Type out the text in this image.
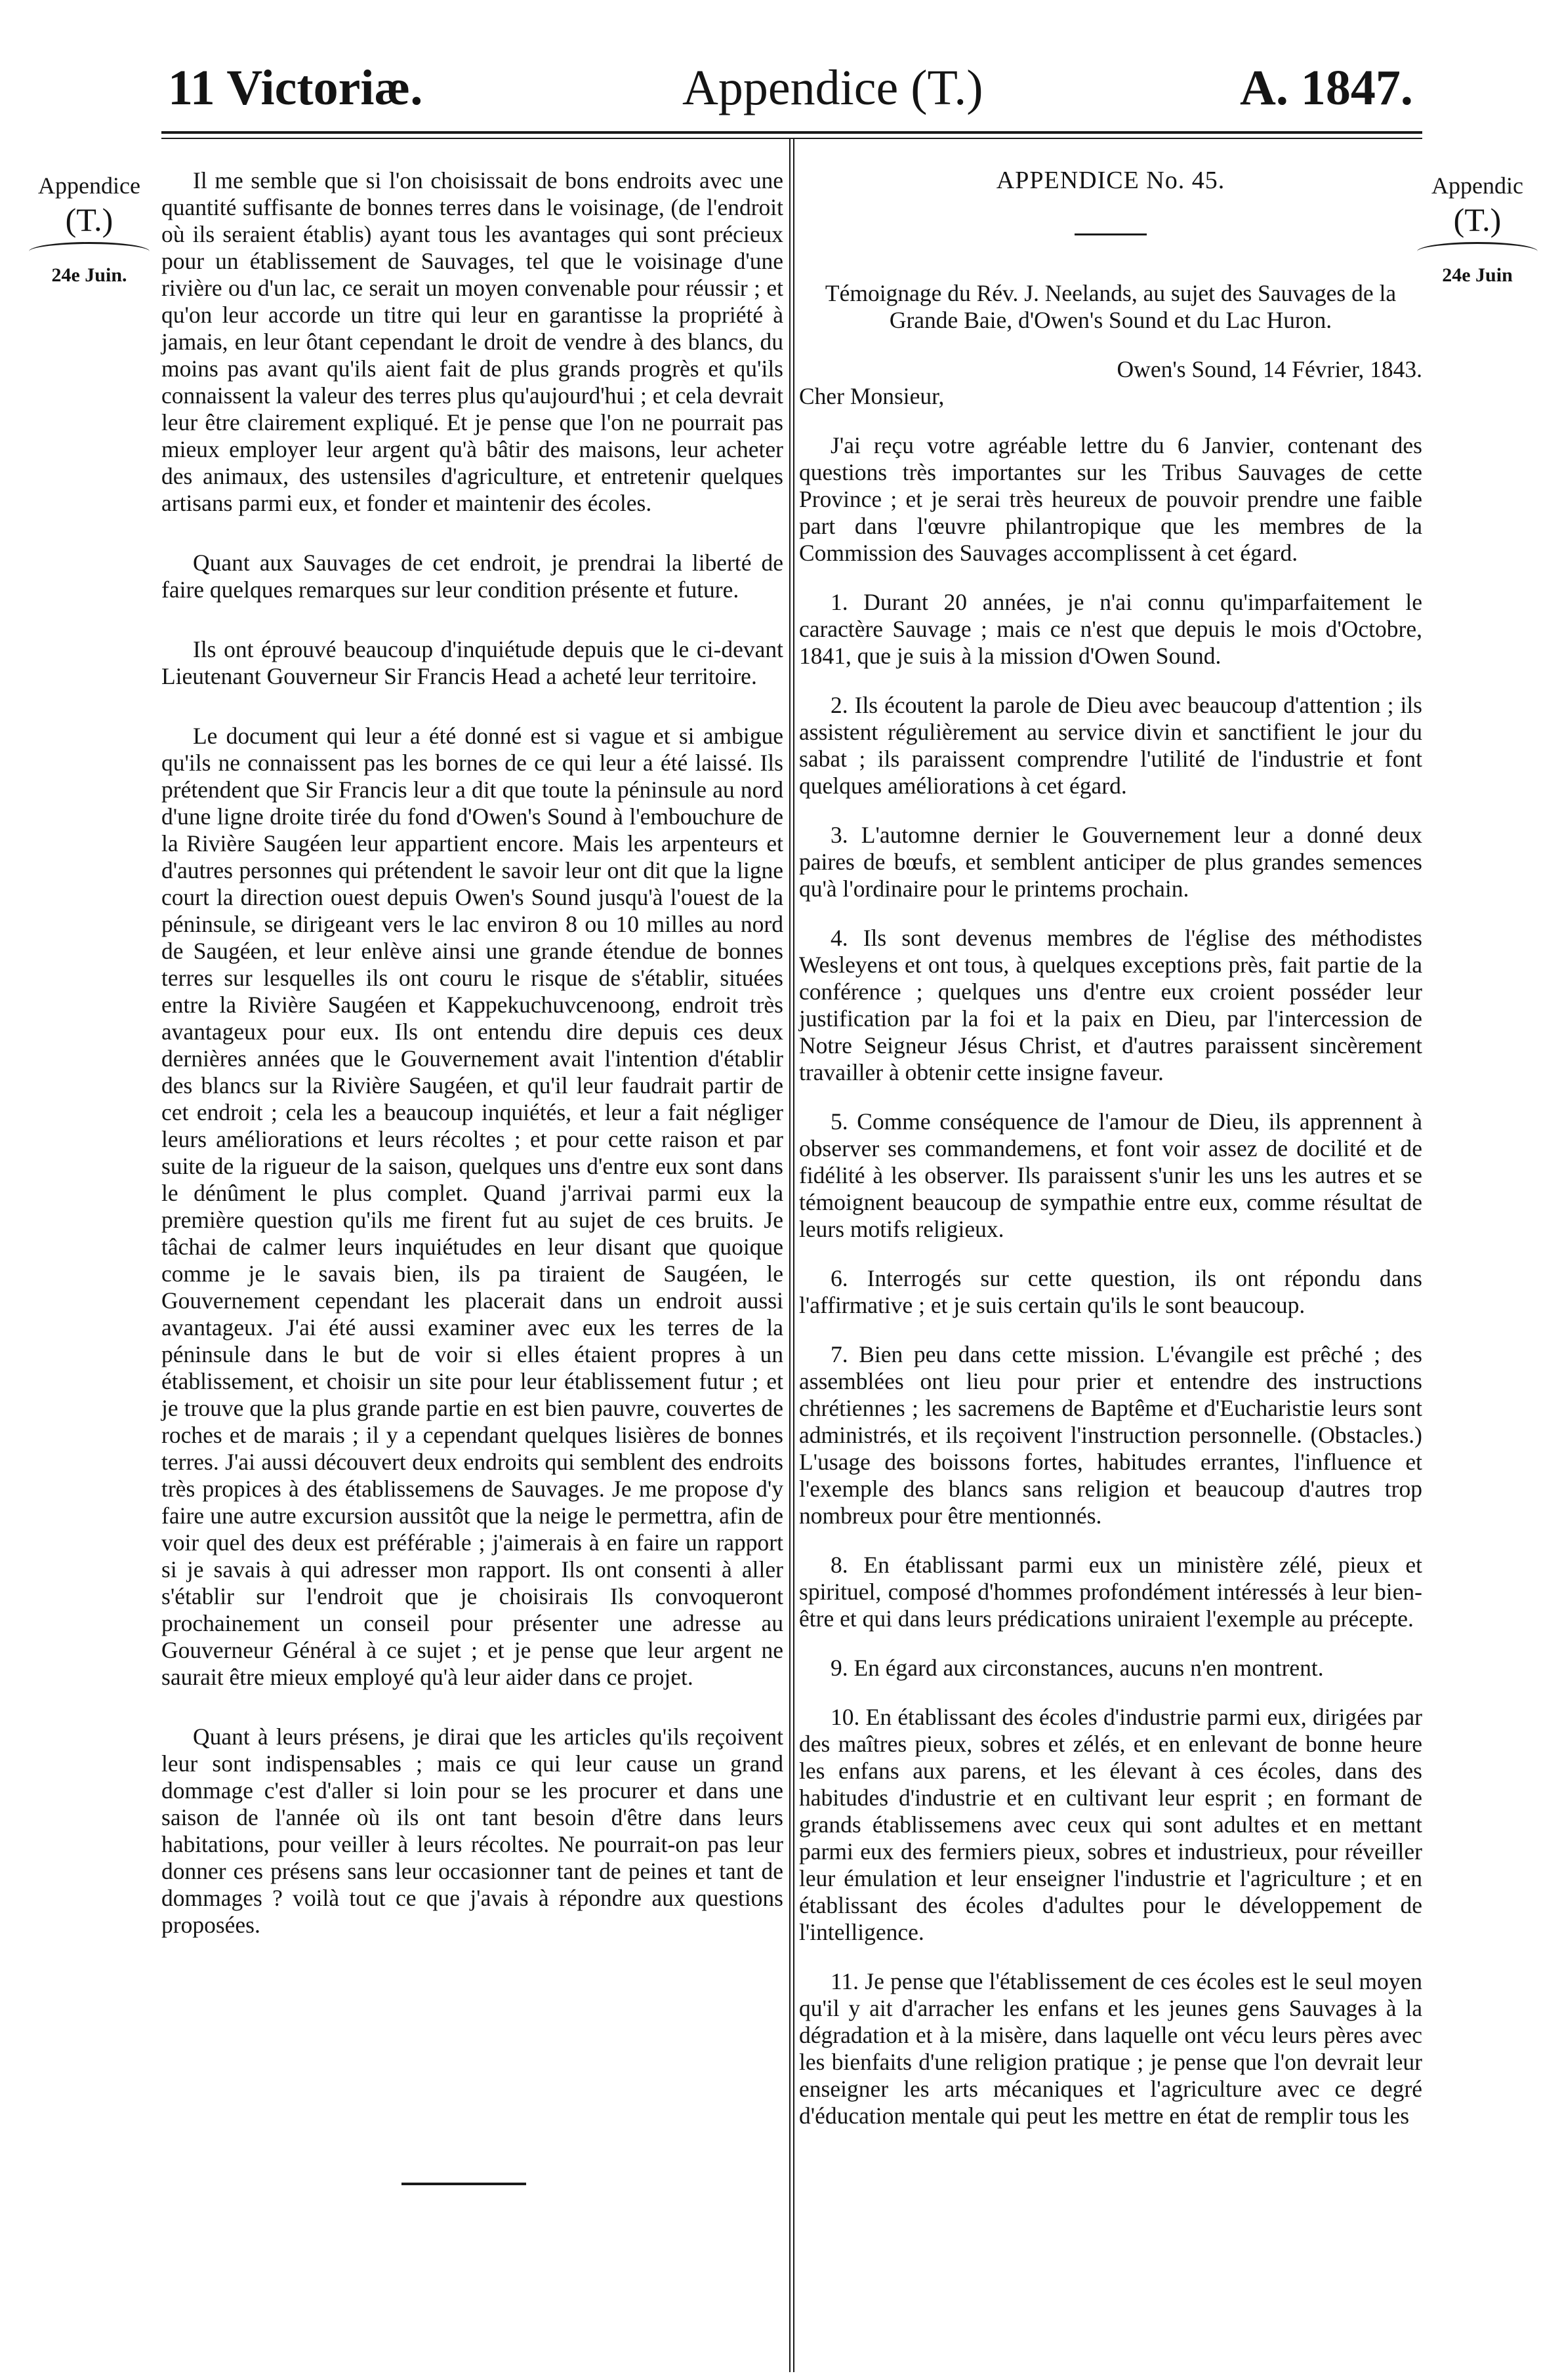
11 Victoriæ.	Appendice (T.)	A. 1847.
Appendice
(T.)
24e Juin.
Appendic
(T.)
24e Juin

Il me semble que si l'on choisissait de bons endroits avec une quantité suffisante de bonnes terres dans le voisinage, (de l'endroit où ils seraient établis) ayant tous les avantages qui sont précieux pour un établissement de Sauvages, tel que le voisinage d'une rivière ou d'un lac, ce serait un moyen convenable pour réussir ; et qu'on leur accorde un titre qui leur en garantisse la propriété à jamais, en leur ôtant cependant le droit de vendre à des blancs, du moins pas avant qu'ils aient fait de plus grands progrès et qu'ils connaissent la valeur des terres plus qu'aujourd'hui ; et cela devrait leur être clairement expliqué. Et je pense que l'on ne pourrait pas mieux employer leur argent qu'à bâtir des maisons, leur acheter des animaux, des ustensiles d'agriculture, et entretenir quelques artisans parmi eux, et fonder et maintenir des écoles.

Quant aux Sauvages de cet endroit, je prendrai la liberté de faire quelques remarques sur leur condition présente et future.

Ils ont éprouvé beaucoup d'inquiétude depuis que le ci-devant Lieutenant Gouverneur Sir Francis Head a acheté leur territoire.

Le document qui leur a été donné est si vague et si ambigue qu'ils ne connaissent pas les bornes de ce qui leur a été laissé. Ils prétendent que Sir Francis leur a dit que toute la péninsule au nord d'une ligne droite tirée du fond d'Owen's Sound à l'embouchure de la Rivière Saugéen leur appartient encore. Mais les arpenteurs et d'autres personnes qui prétendent le savoir leur ont dit que la ligne court la direction ouest depuis Owen's Sound jusqu'à l'ouest de la péninsule, se dirigeant vers le lac environ 8 ou 10 milles au nord de Saugéen, et leur enlève ainsi une grande étendue de bonnes terres sur lesquelles ils ont couru le risque de s'établir, situées entre la Rivière Saugéen et Kappekuchuvcenoong, endroit très avantageux pour eux. Ils ont entendu dire depuis ces deux dernières années que le Gouvernement avait l'intention d'établir des blancs sur la Rivière Saugéen, et qu'il leur faudrait partir de cet endroit ; cela les a beaucoup inquiétés, et leur a fait négliger leurs améliorations et leurs récoltes ; et pour cette raison et par suite de la rigueur de la saison, quelques uns d'entre eux sont dans le dénûment le plus complet. Quand j'arrivai parmi eux la première question qu'ils me firent fut au sujet de ces bruits. Je tâchai de calmer leurs inquiétudes en leur disant que quoique comme je le savais bien, ils pa tiraient de Saugéen, le Gouvernement cependant les placerait dans un endroit aussi avantageux. J'ai été aussi examiner avec eux les terres de la péninsule dans le but de voir si elles étaient propres à un établissement, et choisir un site pour leur établissement futur ; et je trouve que la plus grande partie en est bien pauvre, couvertes de roches et de marais ; il y a cependant quelques lisières de bonnes terres. J'ai aussi découvert deux endroits qui semblent des endroits très propices à des établissemens de Sauvages. Je me propose d'y faire une autre excursion aussitôt que la neige le permettra, afin de voir quel des deux est préférable ; j'aimerais à en faire un rapport si je savais à qui adresser mon rapport. Ils ont consenti à aller s'établir sur l'endroit que je choisirais Ils convoqueront prochainement un conseil pour présenter une adresse au Gouverneur Général à ce sujet ; et je pense que leur argent ne saurait être mieux employé qu'à leur aider dans ce projet.

Quant à leurs présens, je dirai que les articles qu'ils reçoivent leur sont indispensables ; mais ce qui leur cause un grand dommage c'est d'aller si loin pour se les procurer et dans une saison de l'année où ils ont tant besoin d'être dans leurs habitations, pour veiller à leurs récoltes. Ne pourrait-on pas leur donner ces présens sans leur occasionner tant de peines et tant de dommages ? voilà tout ce que j'avais à répondre aux questions proposées.

APPENDICE No. 45.

Témoignage du Rév. J. Neelands, au sujet des Sauvages de la Grande Baie, d'Owen's Sound et du Lac Huron.

Owen's Sound, 14 Février, 1843.

Cher Monsieur,

J'ai reçu votre agréable lettre du 6 Janvier, contenant des questions très importantes sur les Tribus Sauvages de cette Province ; et je serai très heureux de pouvoir prendre une faible part dans l'œuvre philantropique que les membres de la Commission des Sauvages accomplissent à cet égard.

1. Durant 20 années, je n'ai connu qu'imparfaitement le caractère Sauvage ; mais ce n'est que depuis le mois d'Octobre, 1841, que je suis à la mission d'Owen Sound.

2. Ils écoutent la parole de Dieu avec beaucoup d'attention ; ils assistent régulièrement au service divin et sanctifient le jour du sabat ; ils paraissent comprendre l'utilité de l'industrie et font quelques améliorations à cet égard.

3. L'automne dernier le Gouvernement leur a donné deux paires de bœufs, et semblent anticiper de plus grandes semences qu'à l'ordinaire pour le printems prochain.

4. Ils sont devenus membres de l'église des méthodistes Wesleyens et ont tous, à quelques exceptions près, fait partie de la conférence ; quelques uns d'entre eux croient posséder leur justification par la foi et la paix en Dieu, par l'intercession de Notre Seigneur Jésus Christ, et d'autres paraissent sincèrement travailler à obtenir cette insigne faveur.

5. Comme conséquence de l'amour de Dieu, ils apprennent à observer ses commandemens, et font voir assez de docilité et de fidélité à les observer. Ils paraissent s'unir les uns les autres et se témoignent beaucoup de sympathie entre eux, comme résultat de leurs motifs religieux.

6. Interrogés sur cette question, ils ont répondu dans l'affirmative ; et je suis certain qu'ils le sont beaucoup.

7. Bien peu dans cette mission. L'évangile est prêché ; des assemblées ont lieu pour prier et entendre des instructions chrétiennes ; les sacremens de Baptême et d'Eucharistie leurs sont administrés, et ils reçoivent l'instruction personnelle. (Obstacles.) L'usage des boissons fortes, habitudes errantes, l'influence et l'exemple des blancs sans religion et beaucoup d'autres trop nombreux pour être mentionnés.

8. En établissant parmi eux un ministère zélé, pieux et spirituel, composé d'hommes profondément intéressés à leur bien-être et qui dans leurs prédications uniraient l'exemple au précepte.

9. En égard aux circonstances, aucuns n'en montrent.

10. En établissant des écoles d'industrie parmi eux, dirigées par des maîtres pieux, sobres et zélés, et en enlevant de bonne heure les enfans aux parens, et les élevant à ces écoles, dans des habitudes d'industrie et en cultivant leur esprit ; en formant de grands établissemens avec ceux qui sont adultes et en mettant parmi eux des fermiers pieux, sobres et industrieux, pour réveiller leur émulation et leur enseigner l'industrie et l'agriculture ; et en établissant des écoles d'adultes pour le développement de l'intelligence.

11. Je pense que l'établissement de ces écoles est le seul moyen qu'il y ait d'arracher les enfans et les jeunes gens Sauvages à la dégradation et à la misère, dans laquelle ont vécu leurs pères avec les bienfaits d'une religion pratique ; je pense que l'on devrait leur enseigner les arts mécaniques et l'agriculture avec ce degré d'éducation mentale qui peut les mettre en état de remplir tous les
